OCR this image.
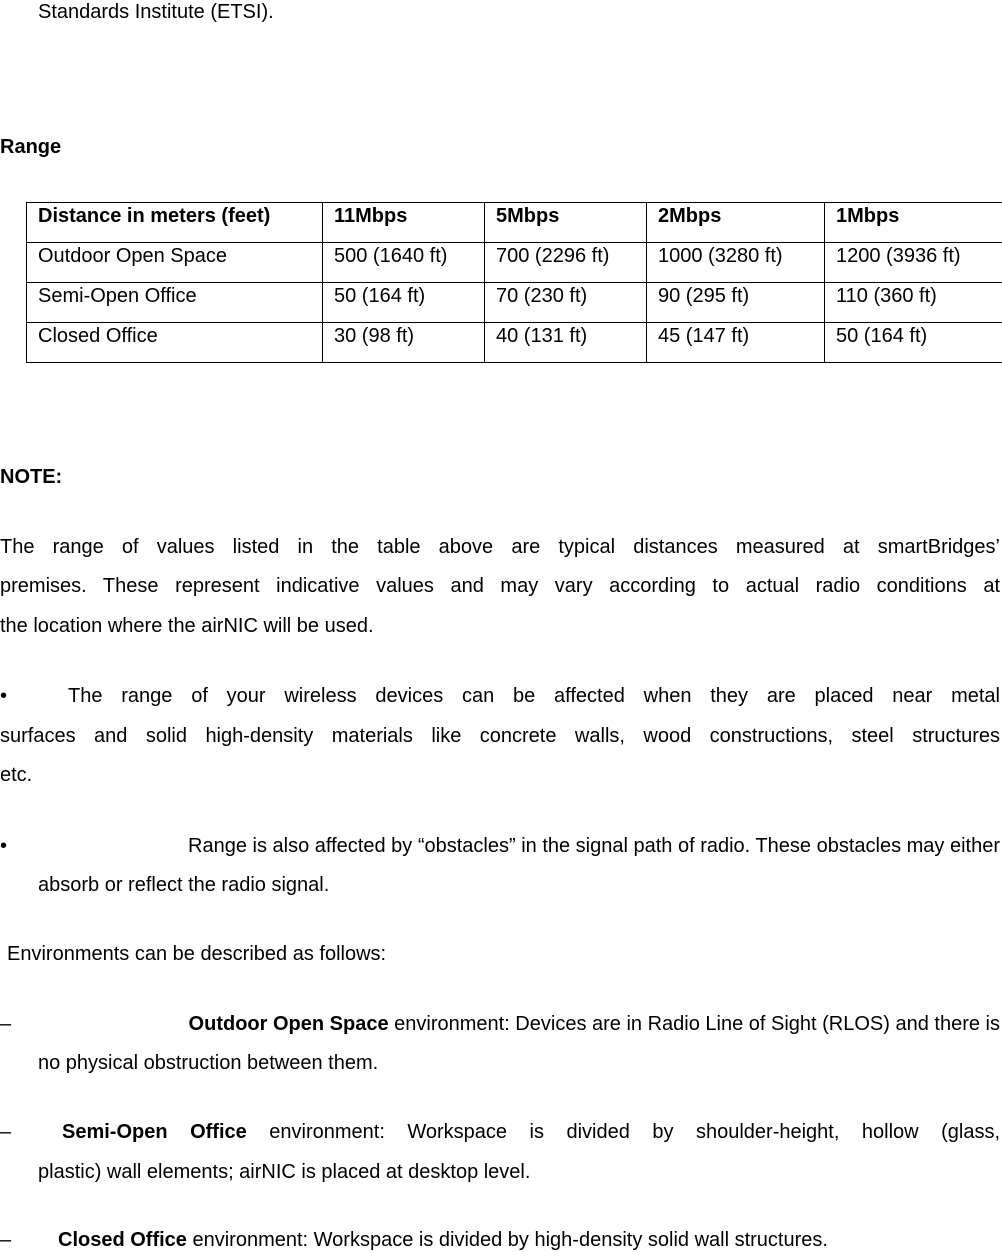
Standards Institute (ETSI).
Range
Distance in meters (feet)	11Mbps	5Mbps	2Mbps	1Mbps
Outdoor Open Space	500 (1640 ft)	700 (2296 ft)	1000 (3280 ft)	1200 (3936 ft)
Semi-Open Office	50 (164 ft)	70 (230 ft)	90 (295 ft)	110 (360 ft)
Closed Office	30 (98 ft)	40 (131 ft)	45 (147 ft)	50 (164 ft)
NOTE:
The range of values listed in the table above are typical distances measured at smartBridges’
premises. These represent indicative values and may vary according to actual radio conditions at
the location where the airNIC will be used.
•	The range of your wireless devices can be affected when they are placed near metal
surfaces and solid high-density materials like concrete walls, wood constructions, steel structures
etc.
•	Range is also affected by “obstacles” in the signal path of radio. These obstacles may either
absorb or reflect the radio signal.
Environments can be described as follows:
–	Outdoor Open Space environment: Devices are in Radio Line of Sight (RLOS) and there is
no physical obstruction between them.
–	Semi-Open Office environment: Workspace is divided by shoulder-height, hollow (glass,
plastic) wall elements; airNIC is placed at desktop level.
–	Closed Office environment: Workspace is divided by high-density solid wall structures.
